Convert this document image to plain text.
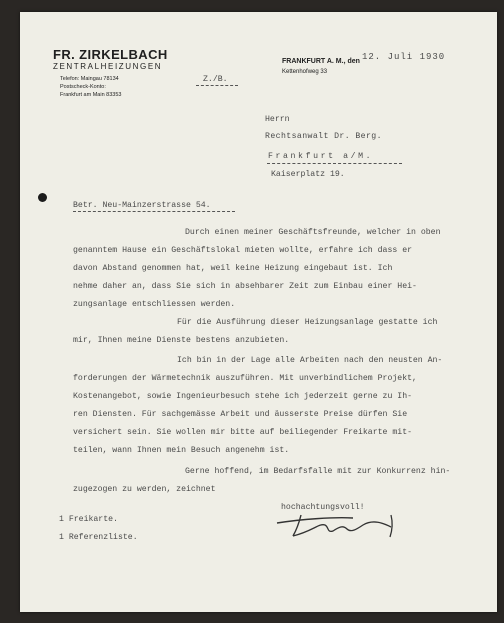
FR. ZIRKELBACH
ZENTRALHEIZUNGEN
Telefon: Maingau 78134
Postscheck-Konto:
Frankfurt am Main 83353
FRANKFURT A. M., den 12. Juli 1930
Kettenhofweg 33
Z./B.
Herrn
Rechtsanwalt Dr. Berg.
Frankfurt a/M.
Kaiserplatz 19.
Betr. Neu-Mainzerstrasse 54.
Durch einen meiner Geschäftsfreunde, welcher in oben
genanntem Hause ein Geschäftslokal mieten wollte, erfahre ich dass er
davon Abstand genommen hat, weil keine Heizung eingebaut ist. Ich
nehme daher an, dass Sie sich in absehbarer Zeit zum Einbau einer Hei-
zungsanlage entschliessen werden.
Für die Ausführung dieser Heizungsanlage gestatte ich
mir, Ihnen meine Dienste bestens anzubieten.
Ich bin in der Lage alle Arbeiten nach den neusten An-
forderungen der Wärmetechnik auszuführen. Mit unverbindlichem Projekt,
Kostenangebot, sowie Ingenieurbesuch stehe ich jederzeit gerne zu Ih-
ren Diensten. Für sachgemässe Arbeit und äusserste Preise dürfen Sie
versichert sein. Sie wollen mir bitte auf beiliegender Freikarte mit-
teilen, wann Ihnen mein Besuch angenehm ist.
Gerne hoffend, im Bedarfsfalle mit zur Konkurrenz hin-
zugezogen zu werden, zeichnet
hochachtungsvoll!
1 Freikarte.
1 Referenzliste.
